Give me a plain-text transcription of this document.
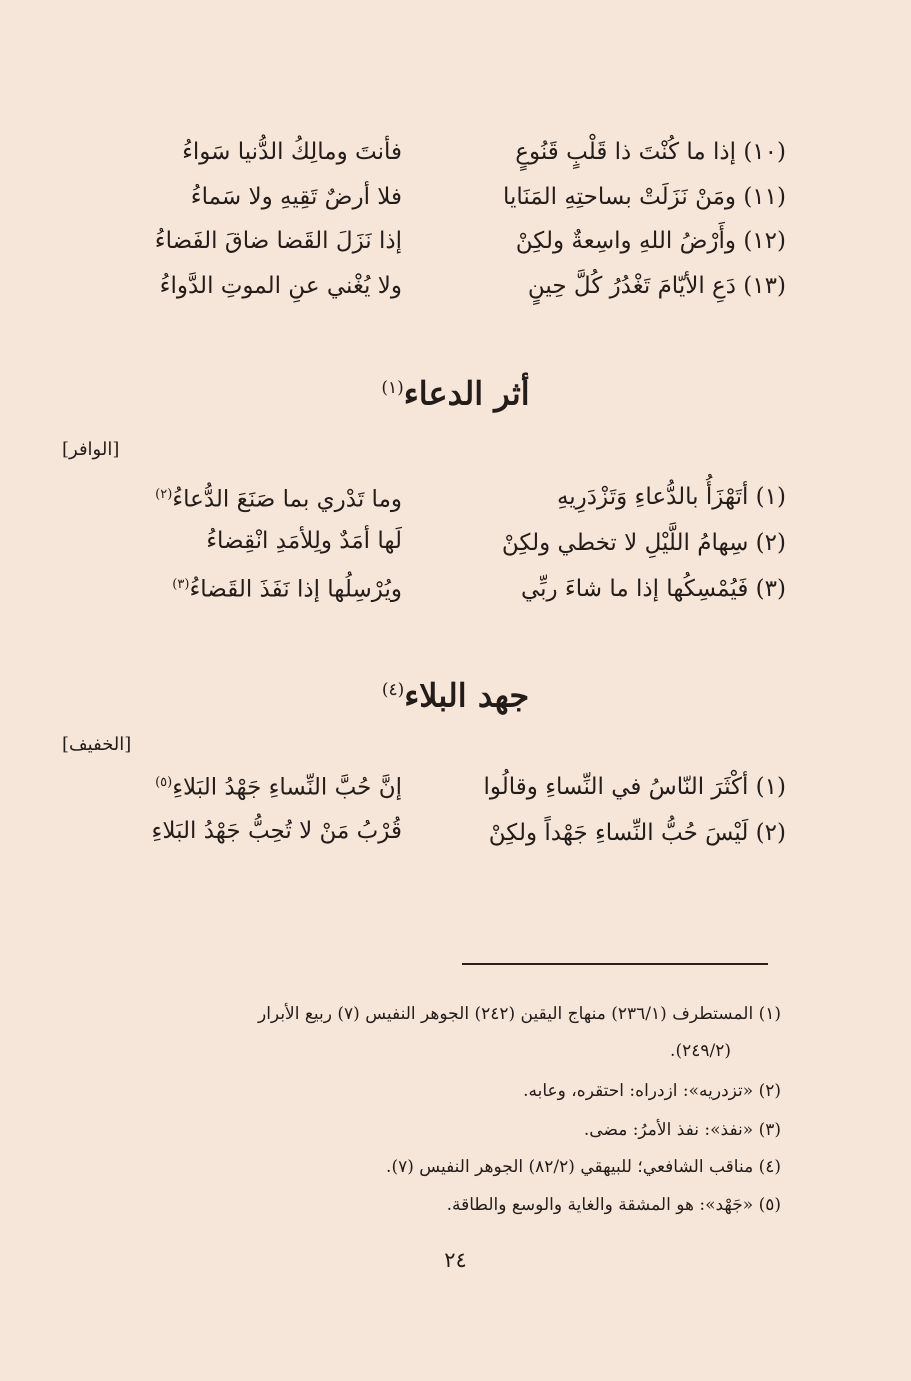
(١٠) إذا ما كُنْتَ ذا قَلْبٍ قَنُوعٍ
فأنتَ ومالِكُ الدُّنيا سَواءُ
(١١) ومَنْ نَزَلَتْ بساحتِهِ المَنَايا
فلا أرضٌ تَقِيهِ ولا سَماءُ
(١٢) وأَرْضُ اللهِ واسِعةٌ ولكِنْ
إذا نَزَلَ القَضا ضاقَ الفَضاءُ
(١٣) دَعِ الأيّامَ تَغْدُرُ كُلَّ حِينٍ
ولا يُغْني عنِ الموتِ الدَّواءُ
أثر الدعاء$^{(١)}$
[الوافر]
(١) أتَهْزَأُ بالدُّعاءِ وَتَزْدَرِيهِ
وما تَدْري بما صَنَعَ الدُّعاءُ$^{(٢)}$
(٢) سِهامُ اللَّيْلِ لا تخطي ولكِنْ
لَها أمَدٌ ولِلأمَدِ انْقِضاءُ
(٣) فَيُمْسِكُها إذا ما شاءَ ربِّي
ويُرْسِلُها إذا نَفَذَ القَضاءُ$^{(٣)}$
جهد البلاء$^{(٤)}$
[الخفيف]
(١) أكْثَرَ النّاسُ في النِّساءِ وقالُوا
إنَّ حُبَّ النِّساءِ جَهْدُ البَلاءِ$^{(٥)}$
(٢) لَيْسَ حُبُّ النِّساءِ جَهْداً ولكِنْ
قُرْبُ مَنْ لا تُحِبُّ جَهْدُ البَلاءِ
(١) المستطرف (٢٣٦/١) منهاج اليقين (٢٤٢) الجوهر النفيس (٧) ربيع الأبرار
(٢٤٩/٢).
(٢) «تزدريه»: ازدراه: احتقره، وعابه.
(٣) «نفذ»: نفذ الأمرُ: مضى.
(٤) مناقب الشافعي؛ للبيهقي (٨٢/٢) الجوهر النفيس (٧).
(٥) «جَهْد»: هو المشقة والغاية والوسع والطاقة.
٢٤
